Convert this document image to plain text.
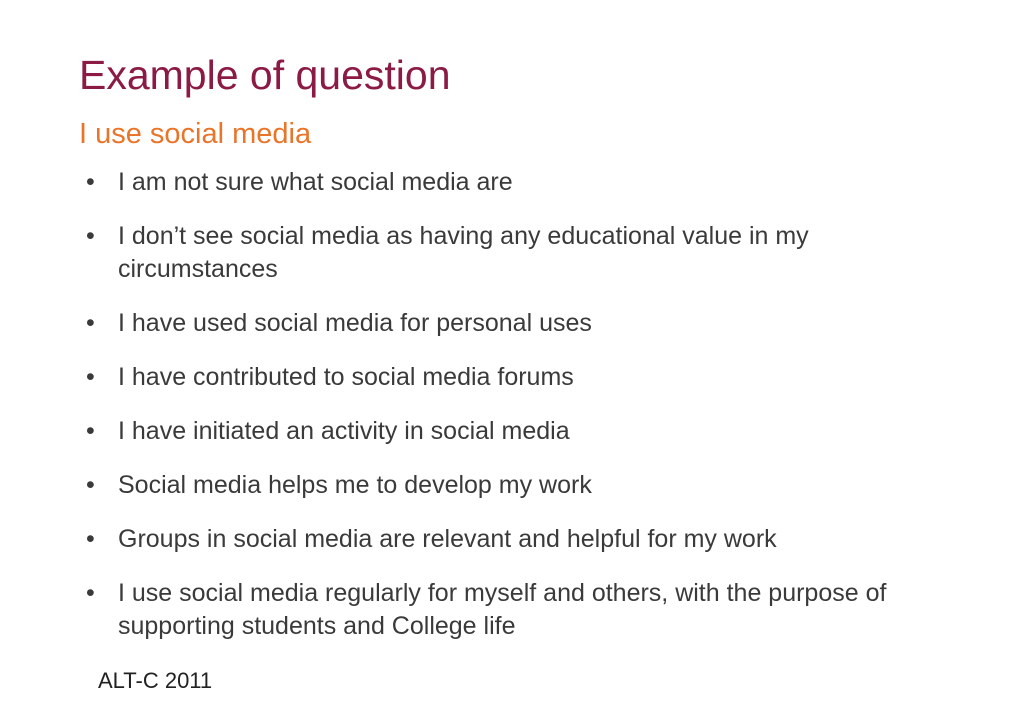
Example of question
I use social media
• I am not sure what social media are
• I don’t see social media as having any educational value in my circumstances
• I have used social media for personal uses
• I have contributed to social media forums
• I have initiated an activity in social media
• Social media helps me to develop my work
• Groups in social media are relevant and helpful for my work
• I use social media regularly for myself and others, with the purpose of supporting students and College life
ALT-C 2011
